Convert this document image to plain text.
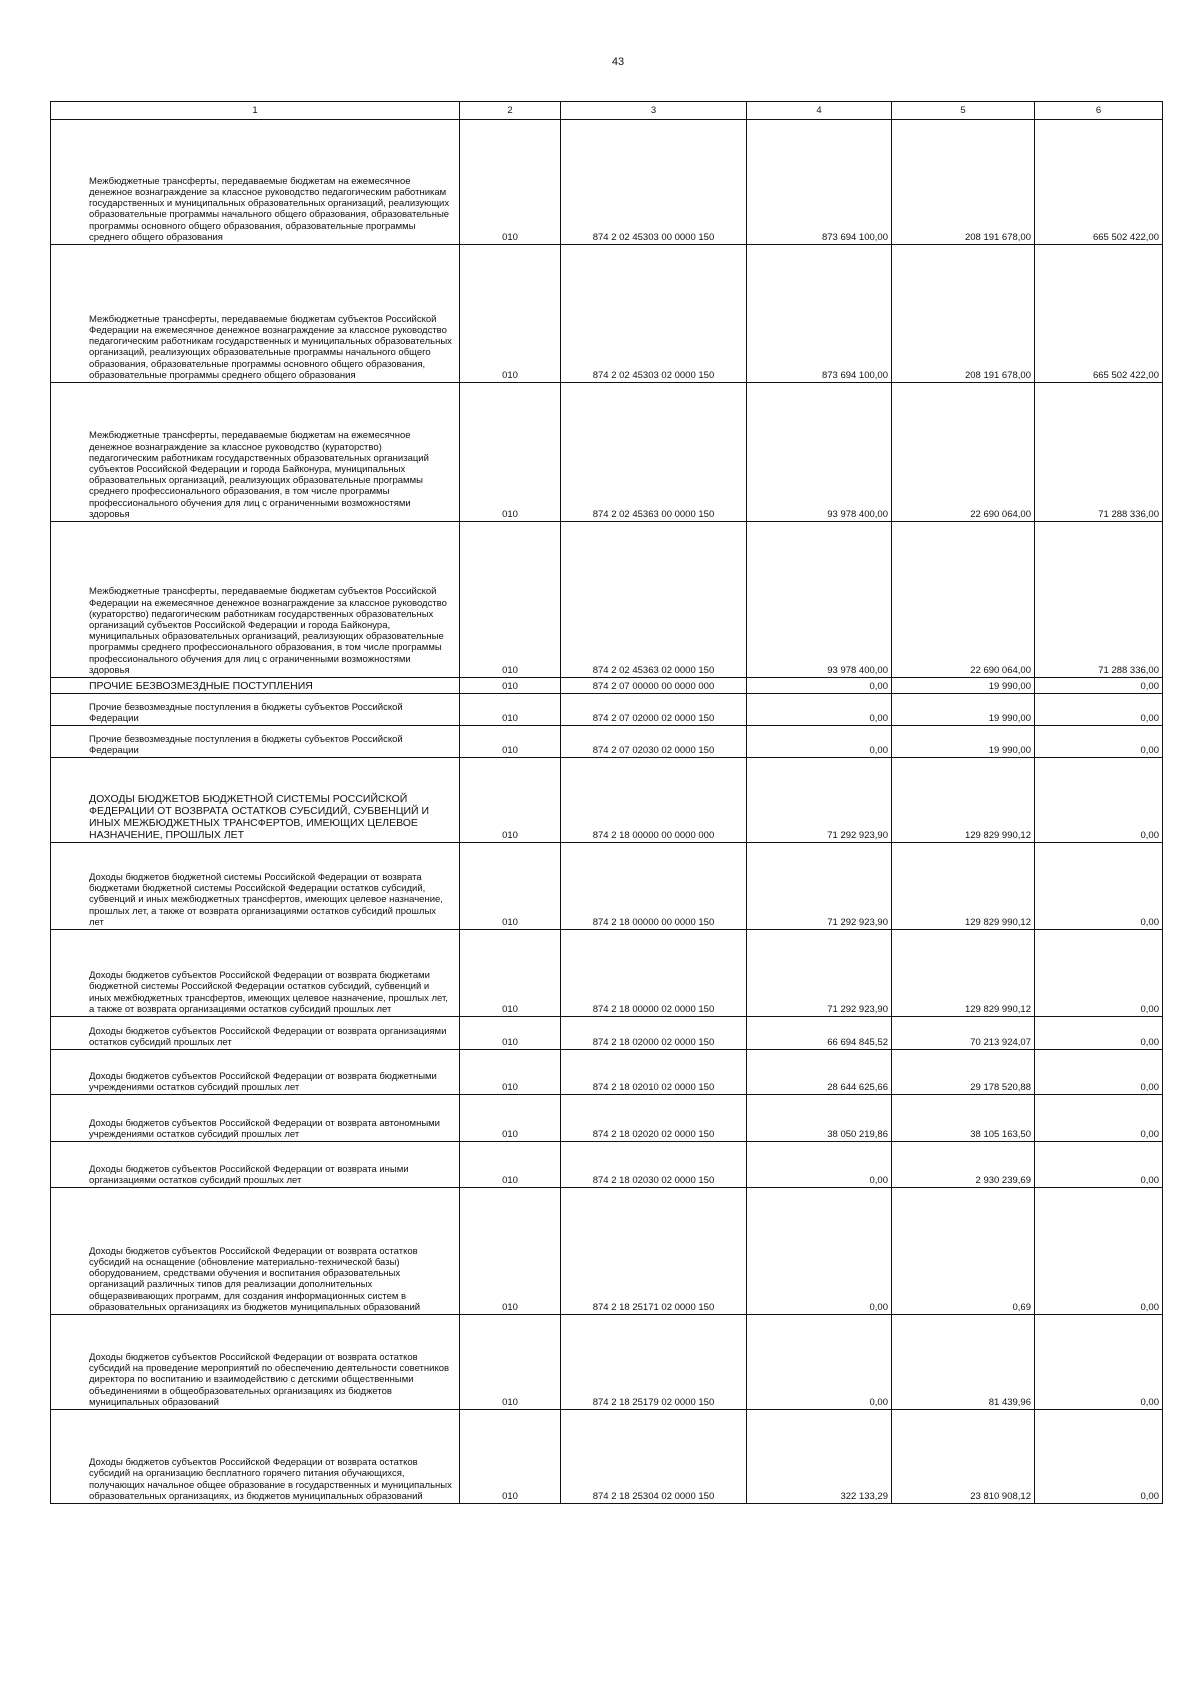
43
1	2	3	4	5	6
Межбюджетные трансферты, передаваемые бюджетам на ежемесячное денежное вознаграждение за классное руководство педагогическим работникам государственных и муниципальных образовательных организаций, реализующих образовательные программы начального общего образования, образовательные программы основного общего образования, образовательные программы среднего общего образования	010	874 2 02 45303 00 0000 150	873 694 100,00	208 191 678,00	665 502 422,00
Межбюджетные трансферты, передаваемые бюджетам субъектов Российской Федерации на ежемесячное денежное вознаграждение за классное руководство педагогическим работникам государственных и муниципальных образовательных организаций, реализующих образовательные программы начального общего образования, образовательные программы основного общего образования, образовательные программы среднего общего образования	010	874 2 02 45303 02 0000 150	873 694 100,00	208 191 678,00	665 502 422,00
Межбюджетные трансферты, передаваемые бюджетам на ежемесячное денежное вознаграждение за классное руководство (кураторство) педагогическим работникам государственных образовательных организаций субъектов Российской Федерации и города Байконура, муниципальных образовательных организаций, реализующих образовательные программы среднего профессионального образования, в том числе программы профессионального обучения для лиц с ограниченными возможностями здоровья	010	874 2 02 45363 00 0000 150	93 978 400,00	22 690 064,00	71 288 336,00
Межбюджетные трансферты, передаваемые бюджетам субъектов Российской Федерации на ежемесячное денежное вознаграждение за классное руководство (кураторство) педагогическим работникам государственных образовательных организаций субъектов Российской Федерации и города Байконура, муниципальных образовательных организаций, реализующих образовательные программы среднего профессионального образования, в том числе программы профессионального обучения для лиц с ограниченными возможностями здоровья	010	874 2 02 45363 02 0000 150	93 978 400,00	22 690 064,00	71 288 336,00
ПРОЧИЕ БЕЗВОЗМЕЗДНЫЕ ПОСТУПЛЕНИЯ	010	874 2 07 00000 00 0000 000	0,00	19 990,00	0,00
Прочие безвозмездные поступления в бюджеты субъектов Российской Федерации	010	874 2 07 02000 02 0000 150	0,00	19 990,00	0,00
Прочие безвозмездные поступления в бюджеты субъектов Российской Федерации	010	874 2 07 02030 02 0000 150	0,00	19 990,00	0,00
ДОХОДЫ БЮДЖЕТОВ БЮДЖЕТНОЙ СИСТЕМЫ РОССИЙСКОЙ ФЕДЕРАЦИИ ОТ ВОЗВРАТА ОСТАТКОВ СУБСИДИЙ, СУБВЕНЦИЙ И ИНЫХ МЕЖБЮДЖЕТНЫХ ТРАНСФЕРТОВ, ИМЕЮЩИХ ЦЕЛЕВОЕ НАЗНАЧЕНИЕ, ПРОШЛЫХ ЛЕТ	010	874 2 18 00000 00 0000 000	71 292 923,90	129 829 990,12	0,00
Доходы бюджетов бюджетной системы Российской Федерации от возврата бюджетами бюджетной системы Российской Федерации остатков субсидий, субвенций и иных межбюджетных трансфертов, имеющих целевое назначение, прошлых лет, а также от возврата организациями остатков субсидий прошлых лет	010	874 2 18 00000 00 0000 150	71 292 923,90	129 829 990,12	0,00
Доходы бюджетов субъектов Российской Федерации от возврата бюджетами бюджетной системы Российской Федерации остатков субсидий, субвенций и иных межбюджетных трансфертов, имеющих целевое назначение, прошлых лет, а также от возврата организациями остатков субсидий прошлых лет	010	874 2 18 00000 02 0000 150	71 292 923,90	129 829 990,12	0,00
Доходы бюджетов субъектов Российской Федерации от возврата организациями остатков субсидий прошлых лет	010	874 2 18 02000 02 0000 150	66 694 845,52	70 213 924,07	0,00
Доходы бюджетов субъектов Российской Федерации от возврата бюджетными учреждениями остатков субсидий прошлых лет	010	874 2 18 02010 02 0000 150	28 644 625,66	29 178 520,88	0,00
Доходы бюджетов субъектов Российской Федерации от возврата автономными учреждениями остатков субсидий прошлых лет	010	874 2 18 02020 02 0000 150	38 050 219,86	38 105 163,50	0,00
Доходы бюджетов субъектов Российской Федерации от возврата иными организациями остатков субсидий прошлых лет	010	874 2 18 02030 02 0000 150	0,00	2 930 239,69	0,00
Доходы бюджетов субъектов Российской Федерации от возврата остатков субсидий на оснащение (обновление материально-технической базы) оборудованием, средствами обучения и воспитания образовательных организаций различных типов для реализации дополнительных общеразвивающих программ, для создания информационных систем в образовательных организациях из бюджетов муниципальных образований	010	874 2 18 25171 02 0000 150	0,00	0,69	0,00
Доходы бюджетов субъектов Российской Федерации от возврата остатков субсидий на проведение мероприятий по обеспечению деятельности советников директора по воспитанию и взаимодействию с детскими общественными объединениями в общеобразовательных организациях из бюджетов муниципальных образований	010	874 2 18 25179 02 0000 150	0,00	81 439,96	0,00
Доходы бюджетов субъектов Российской Федерации от возврата остатков субсидий на организацию бесплатного горячего питания обучающихся, получающих начальное общее образование в государственных и муниципальных образовательных организациях, из бюджетов муниципальных образований	010	874 2 18 25304 02 0000 150	322 133,29	23 810 908,12	0,00
